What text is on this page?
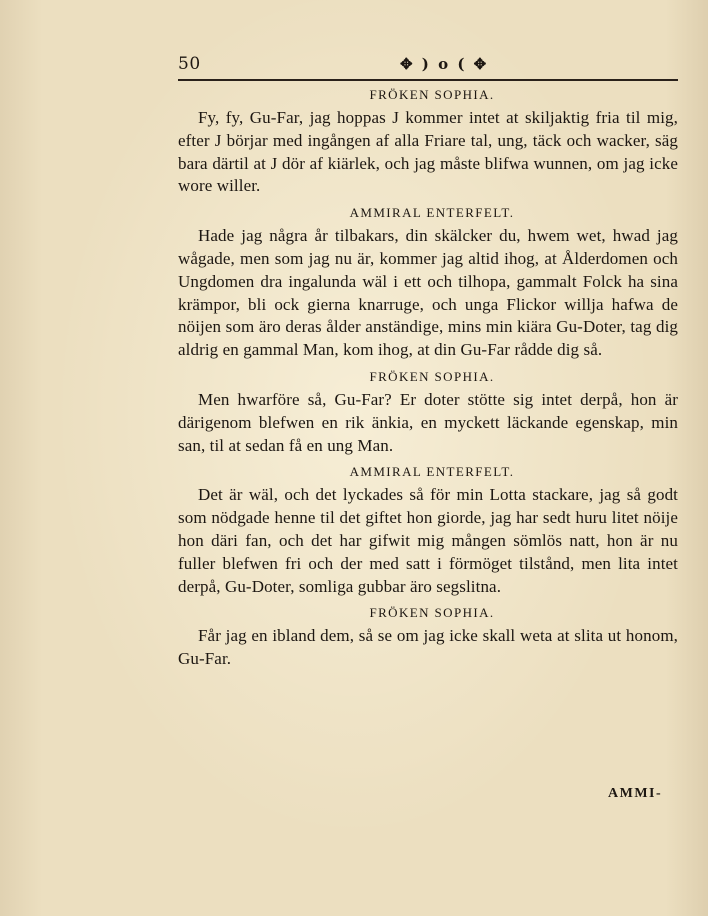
50	✥ ) o ( ✥

FRÖKEN SOPHIA.

Fy, fy, Gu-Far, jag hoppas J kommer intet at skiljaktig fria til mig, efter J börjar med ingången af alla Friare tal, ung, täck och wacker, säg bara därtil at J dör af kiärlek, och jag måste blifwa wunnen, om jag icke wore willer.

AMMIRAL ENTERFELT.

Hade jag några år tilbakars, din skälcker du, hwem wet, hwad jag wågade, men som jag nu är, kommer jag altid ihog, at Ålderdomen och Ungdomen dra ingalunda wäl i ett och tilhopa, gammalt Folck ha sina krämpor, bli ock gierna knarruge, och unga Flickor willja hafwa de nöijen som äro deras ålder anständige, mins min kiära Gu-Doter, tag dig aldrig en gammal Man, kom ihog, at din Gu-Far rådde dig så.

FRÖKEN SOPHIA.

Men hwarföre så, Gu-Far? Er doter stötte sig intet derpå, hon är därigenom blefwen en rik änkia, en myckett läckande egenskap, min san, til at sedan få en ung Man.

AMMIRAL ENTERFELT.

Det är wäl, och det lyckades så för min Lotta stackare, jag så godt som nödgade henne til det giftet hon giorde, jag har sedt huru litet nöije hon däri fan, och det har gifwit mig mången sömlös natt, hon är nu fuller blefwen fri och der med satt i förmöget tilstånd, men lita intet derpå, Gu-Doter, somliga gubbar äro segslitna.

FRÖKEN SOPHIA.

Får jag en ibland dem, så se om jag icke skall weta at slita ut honom, Gu-Far.

AMMI-
